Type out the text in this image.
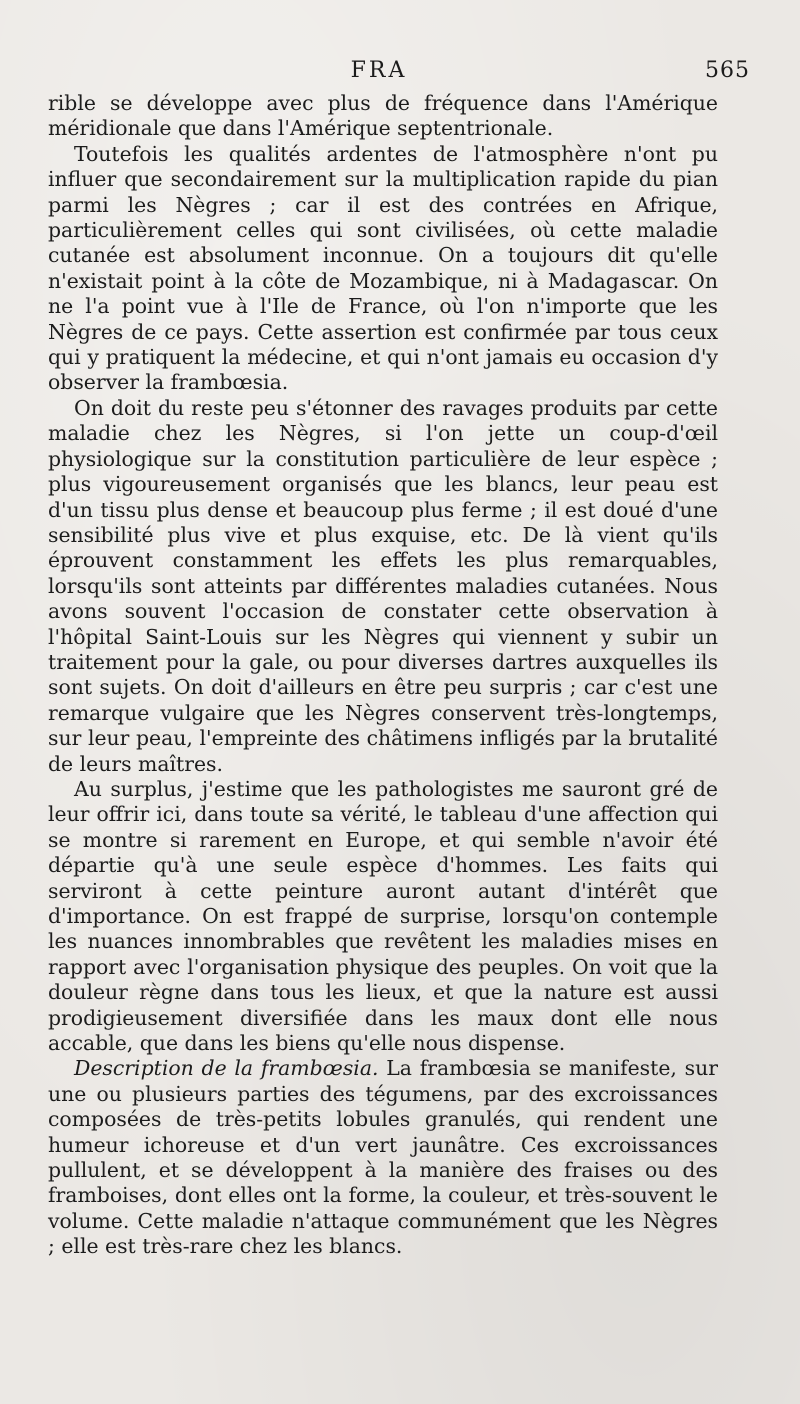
FRA	565

rible se développe avec plus de fréquence dans l'Amérique méridionale que dans l'Amérique septentrionale.

Toutefois les qualités ardentes de l'atmosphère n'ont pu influer que secondairement sur la multiplication rapide du pian parmi les Nègres ; car il est des contrées en Afrique, particulièrement celles qui sont civilisées, où cette maladie cutanée est absolument inconnue. On a toujours dit qu'elle n'existait point à la côte de Mozambique, ni à Madagascar. On ne l'a point vue à l'Ile de France, où l'on n'importe que les Nègres de ce pays. Cette assertion est confirmée par tous ceux qui y pratiquent la médecine, et qui n'ont jamais eu occasion d'y observer la frambœsia.

On doit du reste peu s'étonner des ravages produits par cette maladie chez les Nègres, si l'on jette un coup-d'œil physiologique sur la constitution particulière de leur espèce ; plus vigoureusement organisés que les blancs, leur peau est d'un tissu plus dense et beaucoup plus ferme ; il est doué d'une sensibilité plus vive et plus exquise, etc. De là vient qu'ils éprouvent constamment les effets les plus remarquables, lorsqu'ils sont atteints par différentes maladies cutanées. Nous avons souvent l'occasion de constater cette observation à l'hôpital Saint-Louis sur les Nègres qui viennent y subir un traitement pour la gale, ou pour diverses dartres auxquelles ils sont sujets. On doit d'ailleurs en être peu surpris ; car c'est une remarque vulgaire que les Nègres conservent très-longtemps, sur leur peau, l'empreinte des châtimens infligés par la brutalité de leurs maîtres.

Au surplus, j'estime que les pathologistes me sauront gré de leur offrir ici, dans toute sa vérité, le tableau d'une affection qui se montre si rarement en Europe, et qui semble n'avoir été départie qu'à une seule espèce d'hommes. Les faits qui serviront à cette peinture auront autant d'intérêt que d'importance. On est frappé de surprise, lorsqu'on contemple les nuances innombrables que revêtent les maladies mises en rapport avec l'organisation physique des peuples. On voit que la douleur règne dans tous les lieux, et que la nature est aussi prodigieusement diversifiée dans les maux dont elle nous accable, que dans les biens qu'elle nous dispense.

Description de la frambœsia. La frambœsia se manifeste, sur une ou plusieurs parties des tégumens, par des excroissances composées de très-petits lobules granulés, qui rendent une humeur ichoreuse et d'un vert jaunâtre. Ces excroissances pullulent, et se développent à la manière des fraises ou des framboises, dont elles ont la forme, la couleur, et très-souvent le volume. Cette maladie n'attaque communément que les Nègres ; elle est très-rare chez les blancs.
